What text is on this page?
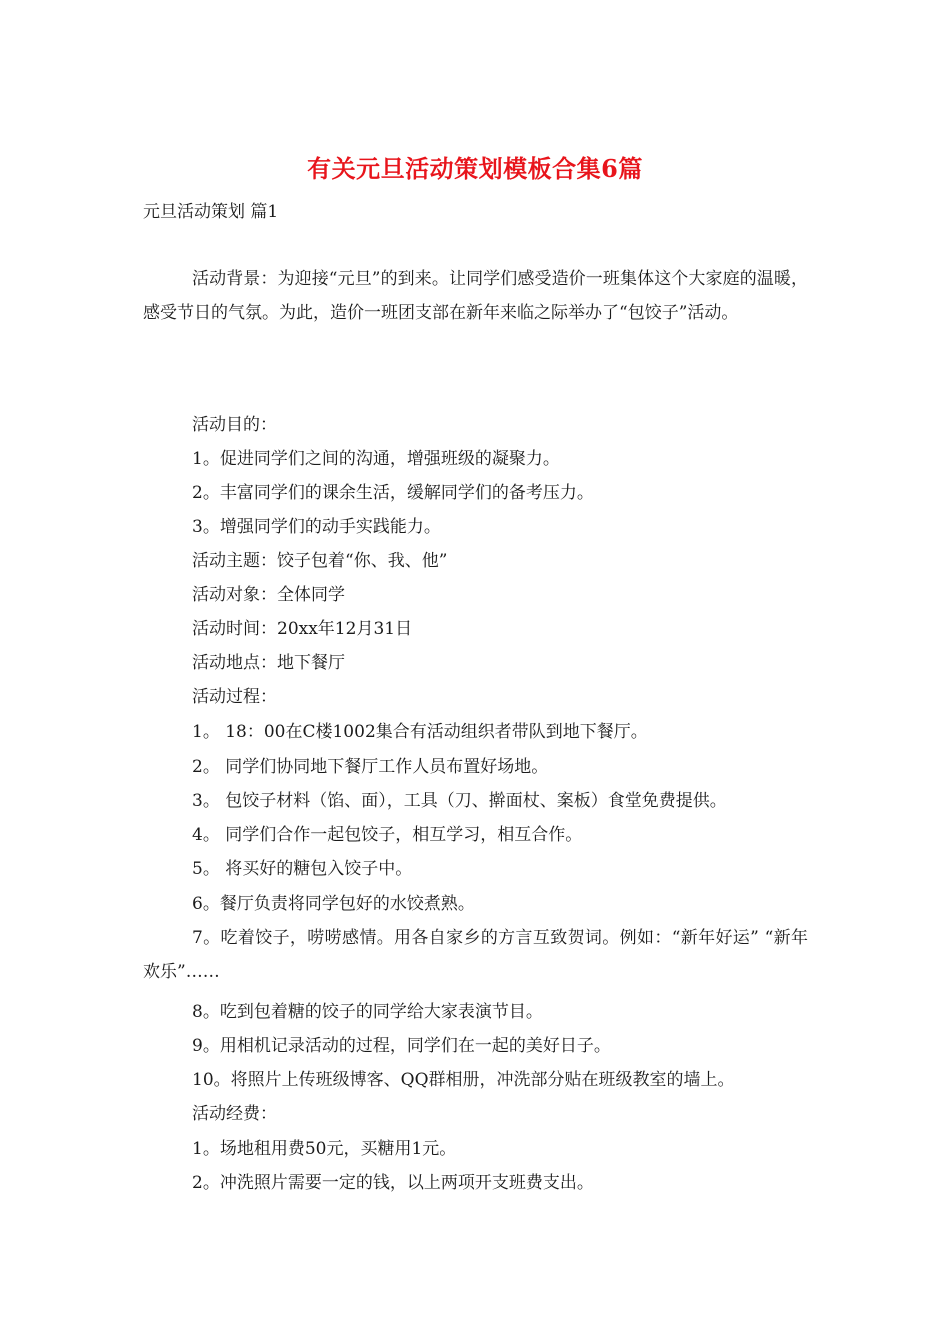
有关元旦活动策划模板合集6篇
元旦活动策划 篇1
活动背景：为迎接“元旦”的到来。让同学们感受造价一班集体这个大家庭的温暖，感受节日的气氛。为此，造价一班团支部在新年来临之际举办了“包饺子”活动。
活动目的：
1。促进同学们之间的沟通，增强班级的凝聚力。
2。丰富同学们的课余生活，缓解同学们的备考压力。
3。增强同学们的动手实践能力。
活动主题：饺子包着“你、我、他”
活动对象：全体同学
活动时间：20xx年12月31日
活动地点：地下餐厅
活动过程：
1。 18：00在C楼1002集合有活动组织者带队到地下餐厅。
2。 同学们协同地下餐厅工作人员布置好场地。
3。 包饺子材料（馅、面），工具（刀、擀面杖、案板）食堂免费提供。
4。 同学们合作一起包饺子，相互学习，相互合作。
5。 将买好的糖包入饺子中。
6。餐厅负责将同学包好的水饺煮熟。
7。吃着饺子，唠唠感情。用各自家乡的方言互致贺词。例如：“新年好运” “新年欢乐”……
8。吃到包着糖的饺子的同学给大家表演节目。
9。用相机记录活动的过程，同学们在一起的美好日子。
10。将照片上传班级博客、QQ群相册，冲洗部分贴在班级教室的墙上。
活动经费：
1。场地租用费50元，买糖用1元。
2。冲洗照片需要一定的钱，以上两项开支班费支出。
